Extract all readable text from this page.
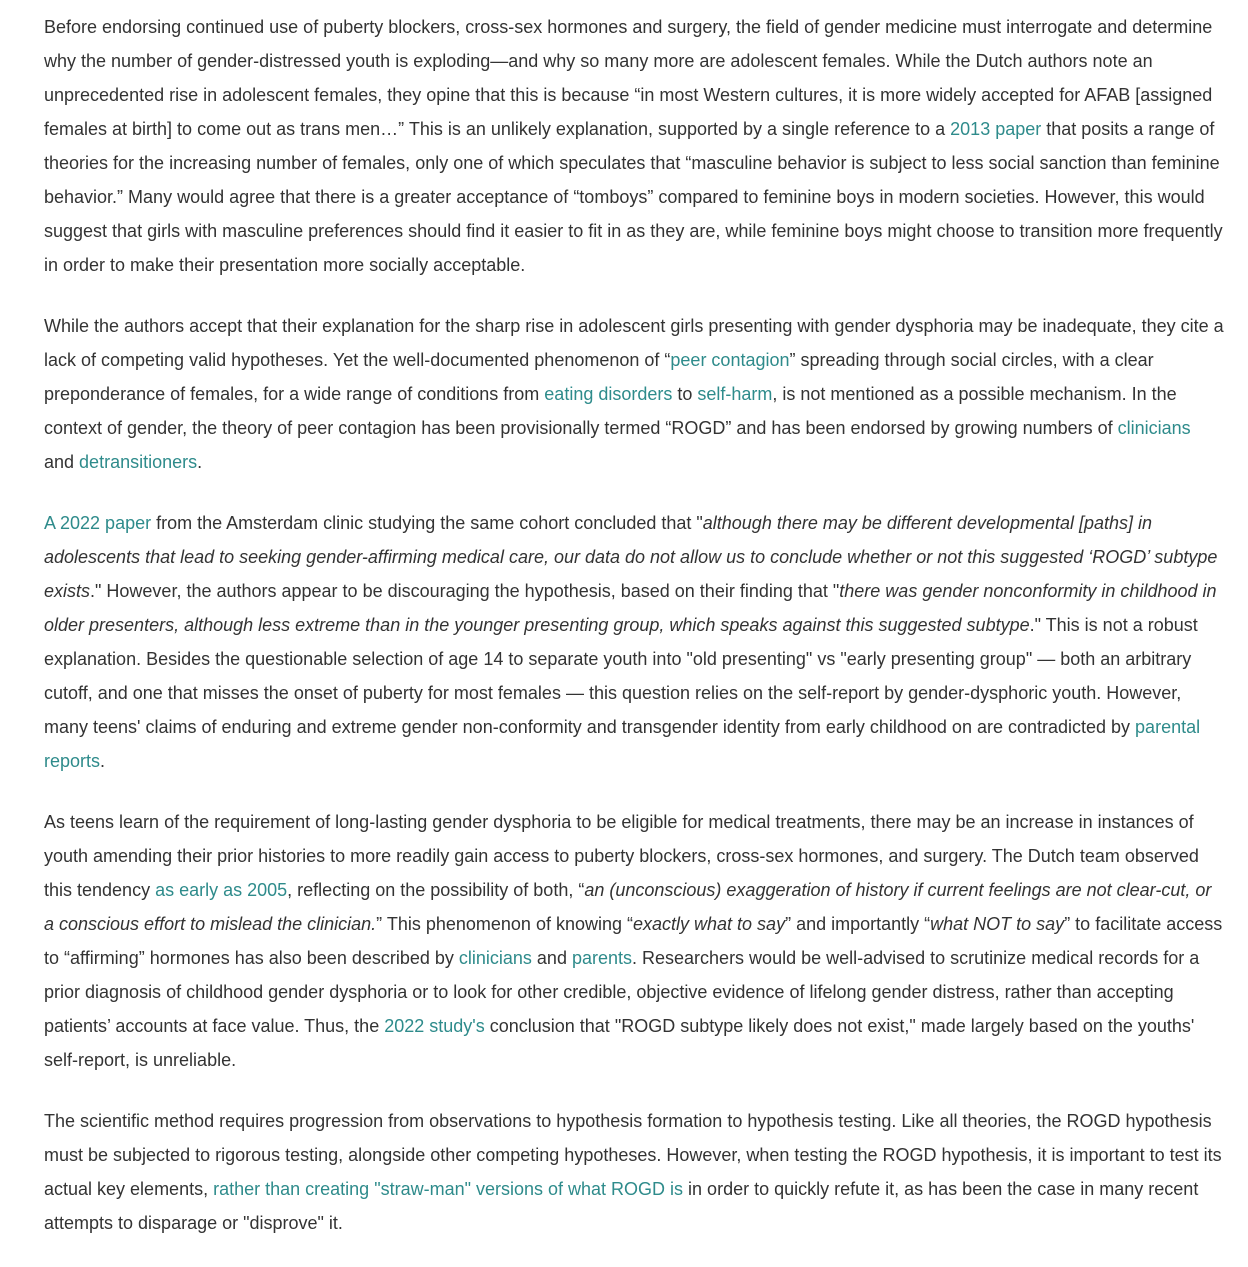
Before endorsing continued use of puberty blockers, cross-sex hormones and surgery, the field of gender medicine must interrogate and determine why the number of gender-distressed youth is exploding—and why so many more are adolescent females. While the Dutch authors note an unprecedented rise in adolescent females, they opine that this is because “in most Western cultures, it is more widely accepted for AFAB [assigned females at birth] to come out as trans men…” This is an unlikely explanation, supported by a single reference to a 2013 paper that posits a range of theories for the increasing number of females, only one of which speculates that “masculine behavior is subject to less social sanction than feminine behavior.” Many would agree that there is a greater acceptance of “tomboys” compared to feminine boys in modern societies. However, this would suggest that girls with masculine preferences should find it easier to fit in as they are, while feminine boys might choose to transition more frequently in order to make their presentation more socially acceptable.

While the authors accept that their explanation for the sharp rise in adolescent girls presenting with gender dysphoria may be inadequate, they cite a lack of competing valid hypotheses. Yet the well-documented phenomenon of “peer contagion” spreading through social circles, with a clear preponderance of females, for a wide range of conditions from eating disorders to self-harm, is not mentioned as a possible mechanism. In the context of gender, the theory of peer contagion has been provisionally termed “ROGD” and has been endorsed by growing numbers of clinicians and detransitioners.

A 2022 paper from the Amsterdam clinic studying the same cohort concluded that "although there may be different developmental [paths] in adolescents that lead to seeking gender-affirming medical care, our data do not allow us to conclude whether or not this suggested ‘ROGD’ subtype exists." However, the authors appear to be discouraging the hypothesis, based on their finding that "there was gender nonconformity in childhood in older presenters, although less extreme than in the younger presenting group, which speaks against this suggested subtype." This is not a robust explanation. Besides the questionable selection of age 14 to separate youth into "old presenting" vs "early presenting group" — both an arbitrary cutoff, and one that misses the onset of puberty for most females — this question relies on the self-report by gender-dysphoric youth. However, many teens' claims of enduring and extreme gender non-conformity and transgender identity from early childhood on are contradicted by parental reports.

As teens learn of the requirement of long-lasting gender dysphoria to be eligible for medical treatments, there may be an increase in instances of youth amending their prior histories to more readily gain access to puberty blockers, cross-sex hormones, and surgery. The Dutch team observed this tendency as early as 2005, reflecting on the possibility of both, “an (unconscious) exaggeration of history if current feelings are not clear-cut, or a conscious effort to mislead the clinician.” This phenomenon of knowing “exactly what to say” and importantly “what NOT to say” to facilitate access to “affirming” hormones has also been described by clinicians and parents. Researchers would be well-advised to scrutinize medical records for a prior diagnosis of childhood gender dysphoria or to look for other credible, objective evidence of lifelong gender distress, rather than accepting patients’ accounts at face value. Thus, the 2022 study's conclusion that "ROGD subtype likely does not exist," made largely based on the youths' self-report, is unreliable.

The scientific method requires progression from observations to hypothesis formation to hypothesis testing. Like all theories, the ROGD hypothesis must be subjected to rigorous testing, alongside other competing hypotheses. However, when testing the ROGD hypothesis, it is important to test its actual key elements, rather than creating "straw-man" versions of what ROGD is in order to quickly refute it, as has been the case in many recent attempts to disparage or "disprove" it.
